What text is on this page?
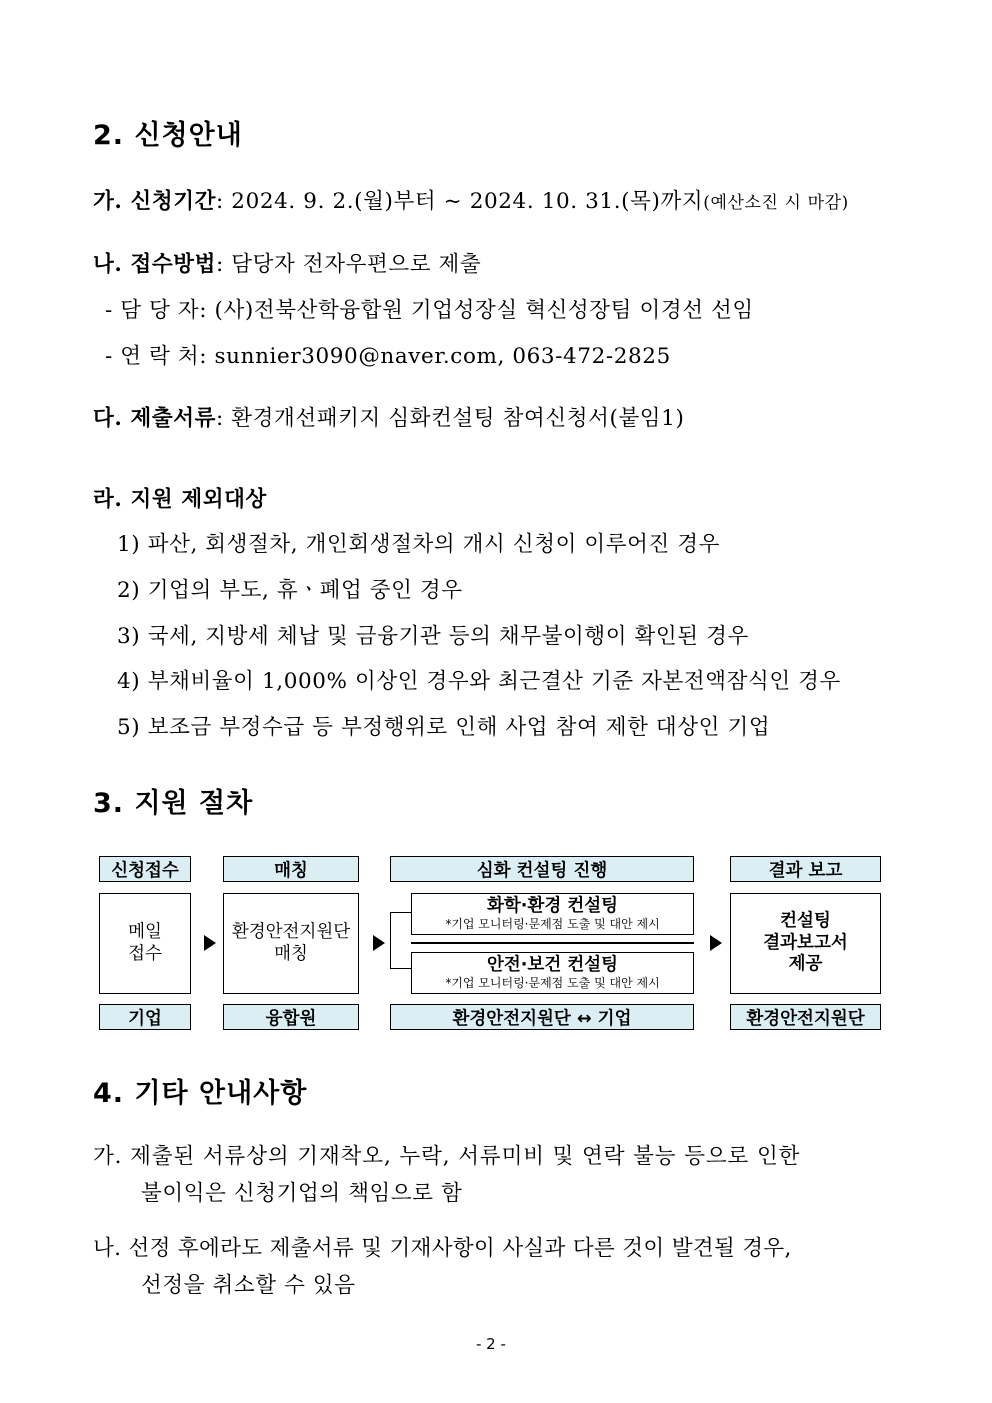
2. 신청안내
가. 신청기간: 2024. 9. 2.(월)부터 ~ 2024. 10. 31.(목)까지(예산소진 시 마감)
나. 접수방법: 담당자 전자우편으로 제출
- 담 당 자: (사)전북산학융합원 기업성장실 혁신성장팀 이경선 선임
- 연 락 처: sunnier3090@naver.com, 063-472-2825
다. 제출서류: 환경개선패키지 심화컨설팅 참여신청서(붙임1)
라. 지원 제외대상
1) 파산, 회생절차, 개인회생절차의 개시 신청이 이루어진 경우
2) 기업의 부도, 휴ㆍ폐업 중인 경우
3) 국세, 지방세 체납 및 금융기관 등의 채무불이행이 확인된 경우
4) 부채비율이 1,000% 이상인 경우와 최근결산 기준 자본전액잠식인 경우
5) 보조금 부정수급 등 부정행위로 인해 사업 참여 제한 대상인 기업
3. 지원 절차
신청접수	매칭	심화 컨설팅 진행	결과 보고
메일
접수
환경안전지원단
매칭
화학·환경 컨설팅
*기업 모니터링·문제점 도출 및 대안 제시
안전·보건 컨설팅
*기업 모니터링·문제점 도출 및 대안 제시
컨설팅
결과보고서
제공
기업	융합원	환경안전지원단 ↔ 기업	환경안전지원단
4. 기타 안내사항
가. 제출된 서류상의 기재착오, 누락, 서류미비 및 연락 불능 등으로 인한
불이익은 신청기업의 책임으로 함
나. 선정 후에라도 제출서류 및 기재사항이 사실과 다른 것이 발견될 경우,
선정을 취소할 수 있음
- 2 -
